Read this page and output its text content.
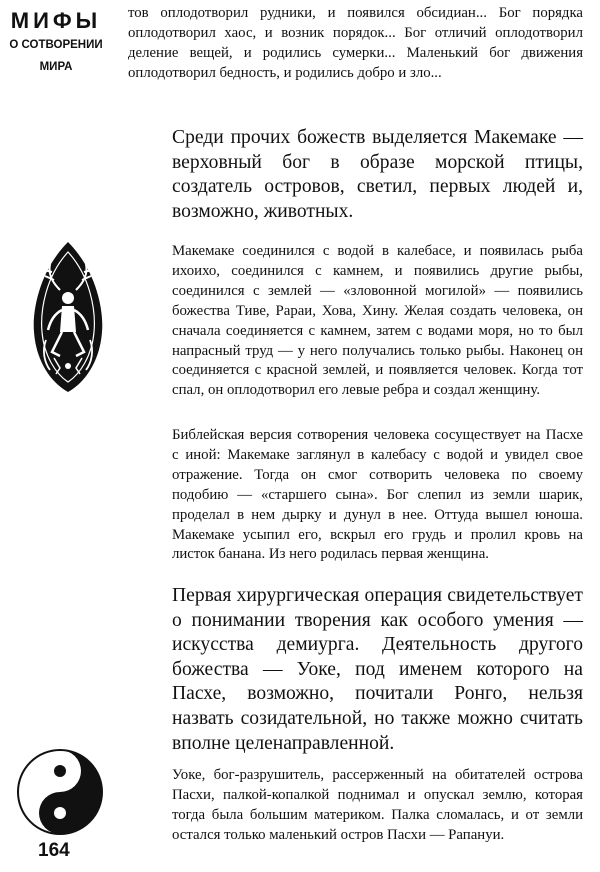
МИФЫ
О СОТВОРЕНИИ
МИРА
164

тов оплодотворил рудники, и появился обсидиан... Бог порядка оплодотворил хаос, и возник порядок... Бог отличий оплодотворил деление вещей, и родились сумерки... Маленький бог движения оплодотворил бедность, и родились добро и зло...

Среди прочих божеств выделяется Макемаке — верховный бог в образе морской птицы, создатель островов, светил, первых людей и, возможно, животных.

Макемаке соединился с водой в калебасе, и появилась рыба ихоихо, соединился с камнем, и появились другие рыбы, соединился с землей — «зловонной могилой» — появились божества Тиве, Рараи, Хова, Хину. Желая создать человека, он сначала соединяется с камнем, затем с водами моря, но то был напрасный труд — у него получались только рыбы. Наконец он соединяется с красной землей, и появляется человек. Когда тот спал, он оплодотворил его левые ребра и создал женщину.

Библейская версия сотворения человека сосуществует на Пасхе с иной: Макемаке заглянул в калебасу с водой и увидел свое отражение. Тогда он смог сотворить человека по своему подобию — «старшего сына». Бог слепил из земли шарик, проделал в нем дырку и дунул в нее. Оттуда вышел юноша. Макемаке усыпил его, вскрыл его грудь и пролил кровь на листок банана. Из него родилась первая женщина.

Первая хирургическая операция свидетельствует о понимании творения как особого умения — искусства демиурга. Деятельность другого божества — Уоке, под именем которого на Пасхе, возможно, почитали Ронго, нельзя назвать созидательной, но также можно считать вполне целенаправленной.

Уоке, бог-разрушитель, рассерженный на обитателей острова Пасхи, палкой-копалкой поднимал и опускал землю, которая тогда была большим материком. Палка сломалась, и от земли остался только маленький остров Пасхи — Рапануи.
